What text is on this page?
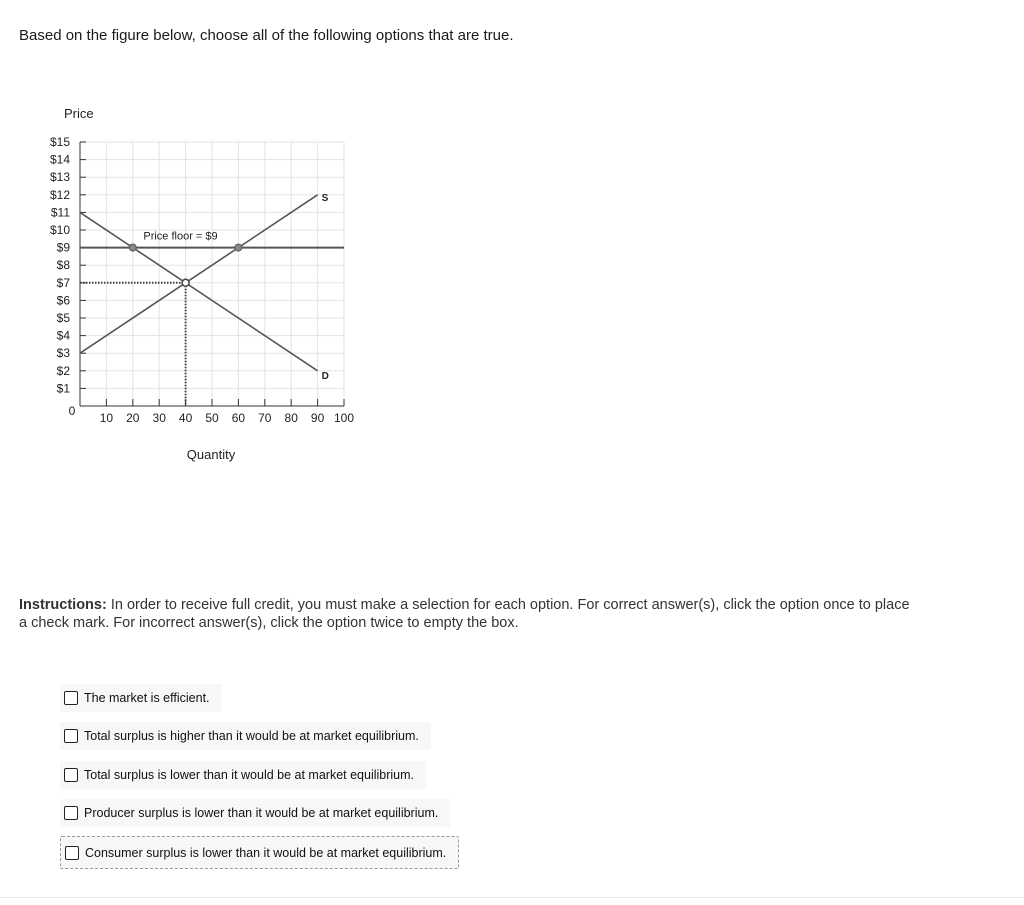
Based on the figure below, choose all of the following options that are true.
Price
Quantity
0
$1
$2
$3
$4
$5
$6
$7
$8
$9
$10
$11
$12
$13
$14
$15
10 20 30 40 50 60 70 80 90 100
Price floor = $9
S
D
Instructions: In order to receive full credit, you must make a selection for each option. For correct answer(s), click the option once to place a check mark. For incorrect answer(s), click the option twice to empty the box.
The market is efficient.
Total surplus is higher than it would be at market equilibrium.
Total surplus is lower than it would be at market equilibrium.
Producer surplus is lower than it would be at market equilibrium.
Consumer surplus is lower than it would be at market equilibrium.
